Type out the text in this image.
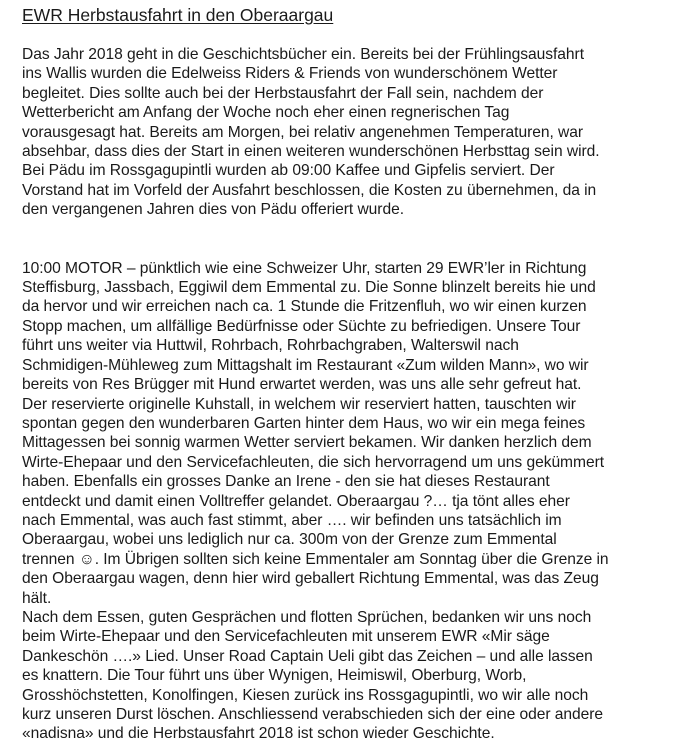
EWR Herbstausfahrt in den Oberaargau

Das Jahr 2018 geht in die Geschichtsbücher ein. Bereits bei der Frühlingsausfahrt
ins Wallis wurden die Edelweiss Riders & Friends von wunderschönem Wetter
begleitet. Dies sollte auch bei der Herbstausfahrt der Fall sein, nachdem der
Wetterbericht am Anfang der Woche noch eher einen regnerischen Tag
vorausgesagt hat. Bereits am Morgen, bei relativ angenehmen Temperaturen, war
absehbar, dass dies der Start in einen weiteren wunderschönen Herbsttag sein wird.
Bei Pädu im Rossgagupintli wurden ab 09:00 Kaffee und Gipfelis serviert. Der
Vorstand hat im Vorfeld der Ausfahrt beschlossen, die Kosten zu übernehmen, da in
den vergangenen Jahren dies von Pädu offeriert wurde.

10:00 MOTOR – pünktlich wie eine Schweizer Uhr, starten 29 EWR’ler in Richtung
Steffisburg, Jassbach, Eggiwil dem Emmental zu. Die Sonne blinzelt bereits hie und
da hervor und wir erreichen nach ca. 1 Stunde die Fritzenfluh, wo wir einen kurzen
Stopp machen, um allfällige Bedürfnisse oder Süchte zu befriedigen. Unsere Tour
führt uns weiter via Huttwil, Rohrbach, Rohrbachgraben, Walterswil nach
Schmidigen-Mühleweg zum Mittagshalt im Restaurant «Zum wilden Mann», wo wir
bereits von Res Brügger mit Hund erwartet werden, was uns alle sehr gefreut hat.
Der reservierte originelle Kuhstall, in welchem wir reserviert hatten, tauschten wir
spontan gegen den wunderbaren Garten hinter dem Haus, wo wir ein mega feines
Mittagessen bei sonnig warmen Wetter serviert bekamen. Wir danken herzlich dem
Wirte-Ehepaar und den Servicefachleuten, die sich hervorragend um uns gekümmert
haben. Ebenfalls ein grosses Danke an Irene - den sie hat dieses Restaurant
entdeckt und damit einen Volltreffer gelandet. Oberaargau ?… tja tönt alles eher
nach Emmental, was auch fast stimmt, aber …. wir befinden uns tatsächlich im
Oberaargau, wobei uns lediglich nur ca. 300m von der Grenze zum Emmental
trennen ☺. Im Übrigen sollten sich keine Emmentaler am Sonntag über die Grenze in
den Oberaargau wagen, denn hier wird geballert Richtung Emmental, was das Zeug
hält.
Nach dem Essen, guten Gesprächen und flotten Sprüchen, bedanken wir uns noch
beim Wirte-Ehepaar und den Servicefachleuten mit unserem EWR «Mir säge
Dankeschön ….» Lied. Unser Road Captain Ueli gibt das Zeichen – und alle lassen
es knattern. Die Tour führt uns über Wynigen, Heimiswil, Oberburg, Worb,
Grosshöchstetten, Konolfingen, Kiesen zurück ins Rossgagupintli, wo wir alle noch
kurz unseren Durst löschen. Anschliessend verabschieden sich der eine oder andere
«nadisna» und die Herbstausfahrt 2018 ist schon wieder Geschichte.
